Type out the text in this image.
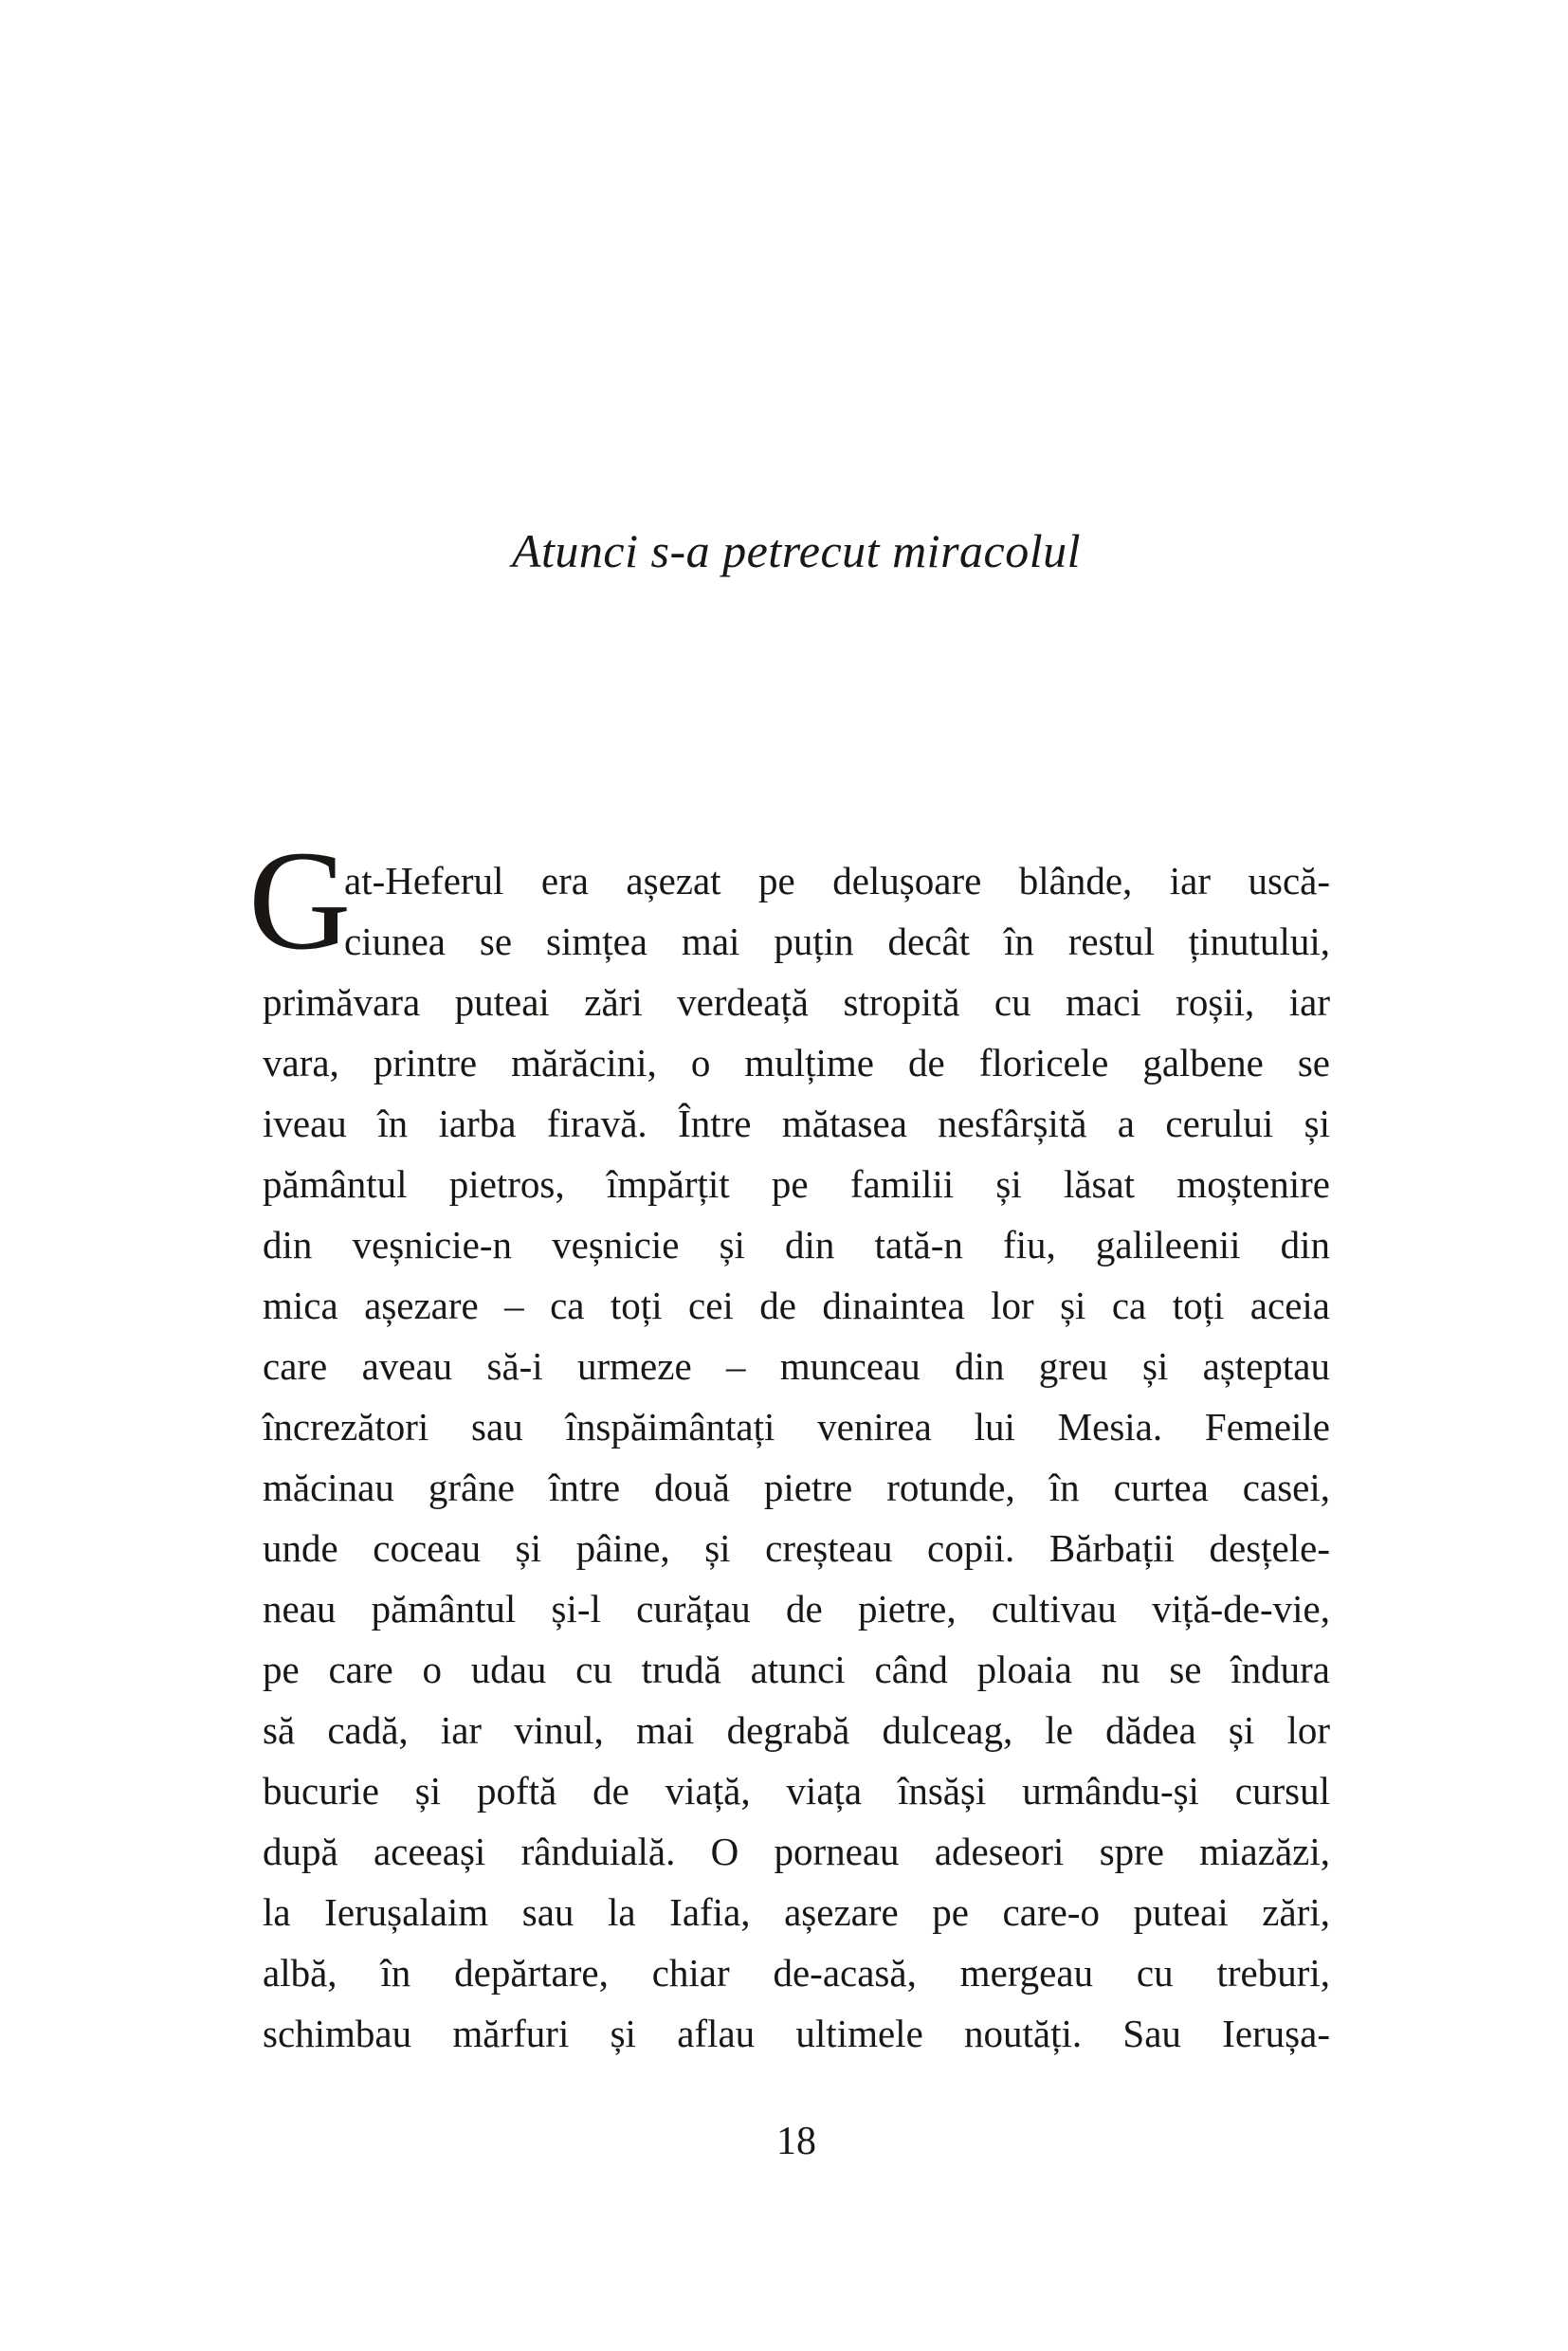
Atunci s-a petrecut miracolul
G
at-Heferul era așezat pe delușoare blânde, iar uscă-
ciunea se simțea mai puțin decât în restul ținutului,
primăvara puteai zări verdeață stropită cu maci roșii, iar
vara, printre mărăcini, o mulțime de floricele galbene se
iveau în iarba firavă. Între mătasea nesfârșită a cerului și
pământul pietros, împărțit pe familii și lăsat moștenire
din veșnicie-n veșnicie și din tată-n fiu, galileenii din
mica așezare – ca toți cei de dinaintea lor și ca toți aceia
care aveau să-i urmeze – munceau din greu și așteptau
încrezători sau înspăimântați venirea lui Mesia. Femeile
măcinau grâne între două pietre rotunde, în curtea casei,
unde coceau și pâine, și creșteau copii. Bărbații desțele-
neau pământul și-l curățau de pietre, cultivau viță-de-vie,
pe care o udau cu trudă atunci când ploaia nu se îndura
să cadă, iar vinul, mai degrabă dulceag, le dădea și lor
bucurie și poftă de viață, viața însăși urmându-și cursul
după aceeași rânduială. O porneau adeseori spre miazăzi,
la Ierușalaim sau la Iafia, așezare pe care-o puteai zări,
albă, în depărtare, chiar de-acasă, mergeau cu treburi,
schimbau mărfuri și aflau ultimele noutăți. Sau Ierușa-
18
